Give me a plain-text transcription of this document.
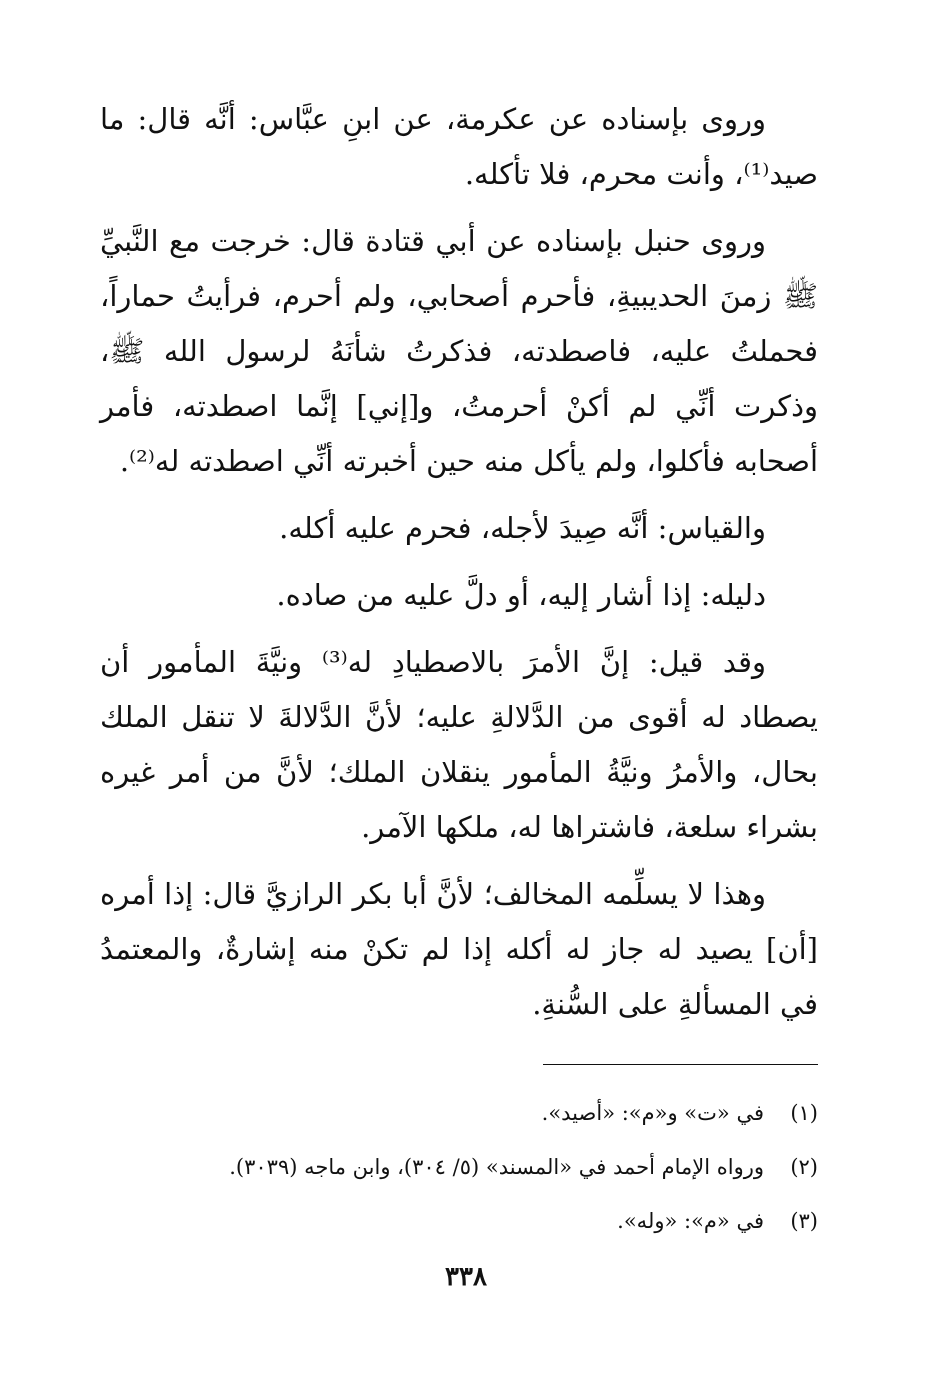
وروى بإسناده عن عكرمة، عن ابنِ عبَّاس: أنَّه قال: ما صيد⁽¹⁾، وأنت محرم، فلا تأكله.

وروى حنبل بإسناده عن أبي قتادة قال: خرجت مع النَّبيِّ ﷺ زمنَ الحديبيةِ، فأحرم أصحابي، ولم أحرم، فرأيتُ حماراً، فحملتُ عليه، فاصطدته، فذكرتُ شأنَهُ لرسول الله ﷺ، وذكرت أنِّي لم أكنْ أحرمتُ، و[إني] إنَّما اصطدته، فأمر أصحابه فأكلوا، ولم يأكل منه حين أخبرته أنِّي اصطدته له⁽²⁾.

والقياس: أنَّه صِيدَ لأجله، فحرم عليه أكله.

دليله: إذا أشار إليه، أو دلَّ عليه من صاده.

وقد قيل: إنَّ الأمرَ بالاصطيادِ له⁽³⁾ ونيَّةَ المأمور أن يصطاد له أقوى من الدَّلالةِ عليه؛ لأنَّ الدَّلالةَ لا تنقل الملك بحال، والأمرُ ونيَّةُ المأمور ينقلان الملك؛ لأنَّ من أمر غيره بشراء سلعة، فاشتراها له، ملكها الآمر.

وهذا لا يسلِّمه المخالف؛ لأنَّ أبا بكر الرازيَّ قال: إذا أمره [أن] يصيد له جاز له أكله إذا لم تكنْ منه إشارةٌ، والمعتمدُ في المسألةِ على السُّنةِ.

(١)
في «ت» و«م»: «أصيد».
(٢)
ورواه الإمام أحمد في «المسند» (٥/ ٣٠٤)، وابن ماجه (٣٠٣٩).
(٣)
في «م»: «وله».
٣٣٨
